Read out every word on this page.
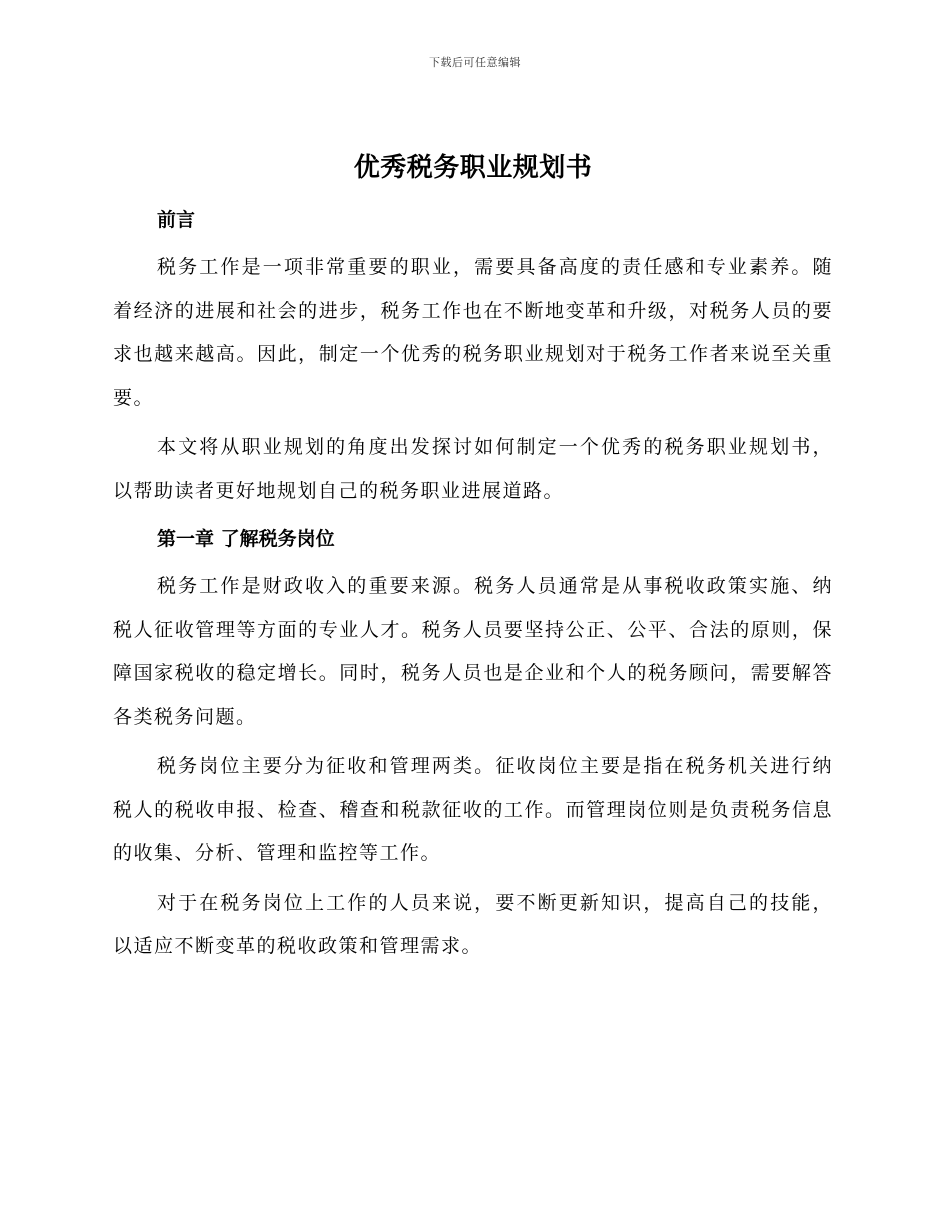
下载后可任意编辑
优秀税务职业规划书
前言

税务工作是一项非常重要的职业，需要具备高度的责任感和专业素养。随着经济的进展和社会的进步，税务工作也在不断地变革和升级，对税务人员的要求也越来越高。因此，制定一个优秀的税务职业规划对于税务工作者来说至关重要。

本文将从职业规划的角度出发探讨如何制定一个优秀的税务职业规划书，以帮助读者更好地规划自己的税务职业进展道路。

第一章 了解税务岗位

税务工作是财政收入的重要来源。税务人员通常是从事税收政策实施、纳税人征收管理等方面的专业人才。税务人员要坚持公正、公平、合法的原则，保障国家税收的稳定增长。同时，税务人员也是企业和个人的税务顾问，需要解答各类税务问题。

税务岗位主要分为征收和管理两类。征收岗位主要是指在税务机关进行纳税人的税收申报、检查、稽查和税款征收的工作。而管理岗位则是负责税务信息的收集、分析、管理和监控等工作。

对于在税务岗位上工作的人员来说，要不断更新知识，提高自己的技能，以适应不断变革的税收政策和管理需求。
